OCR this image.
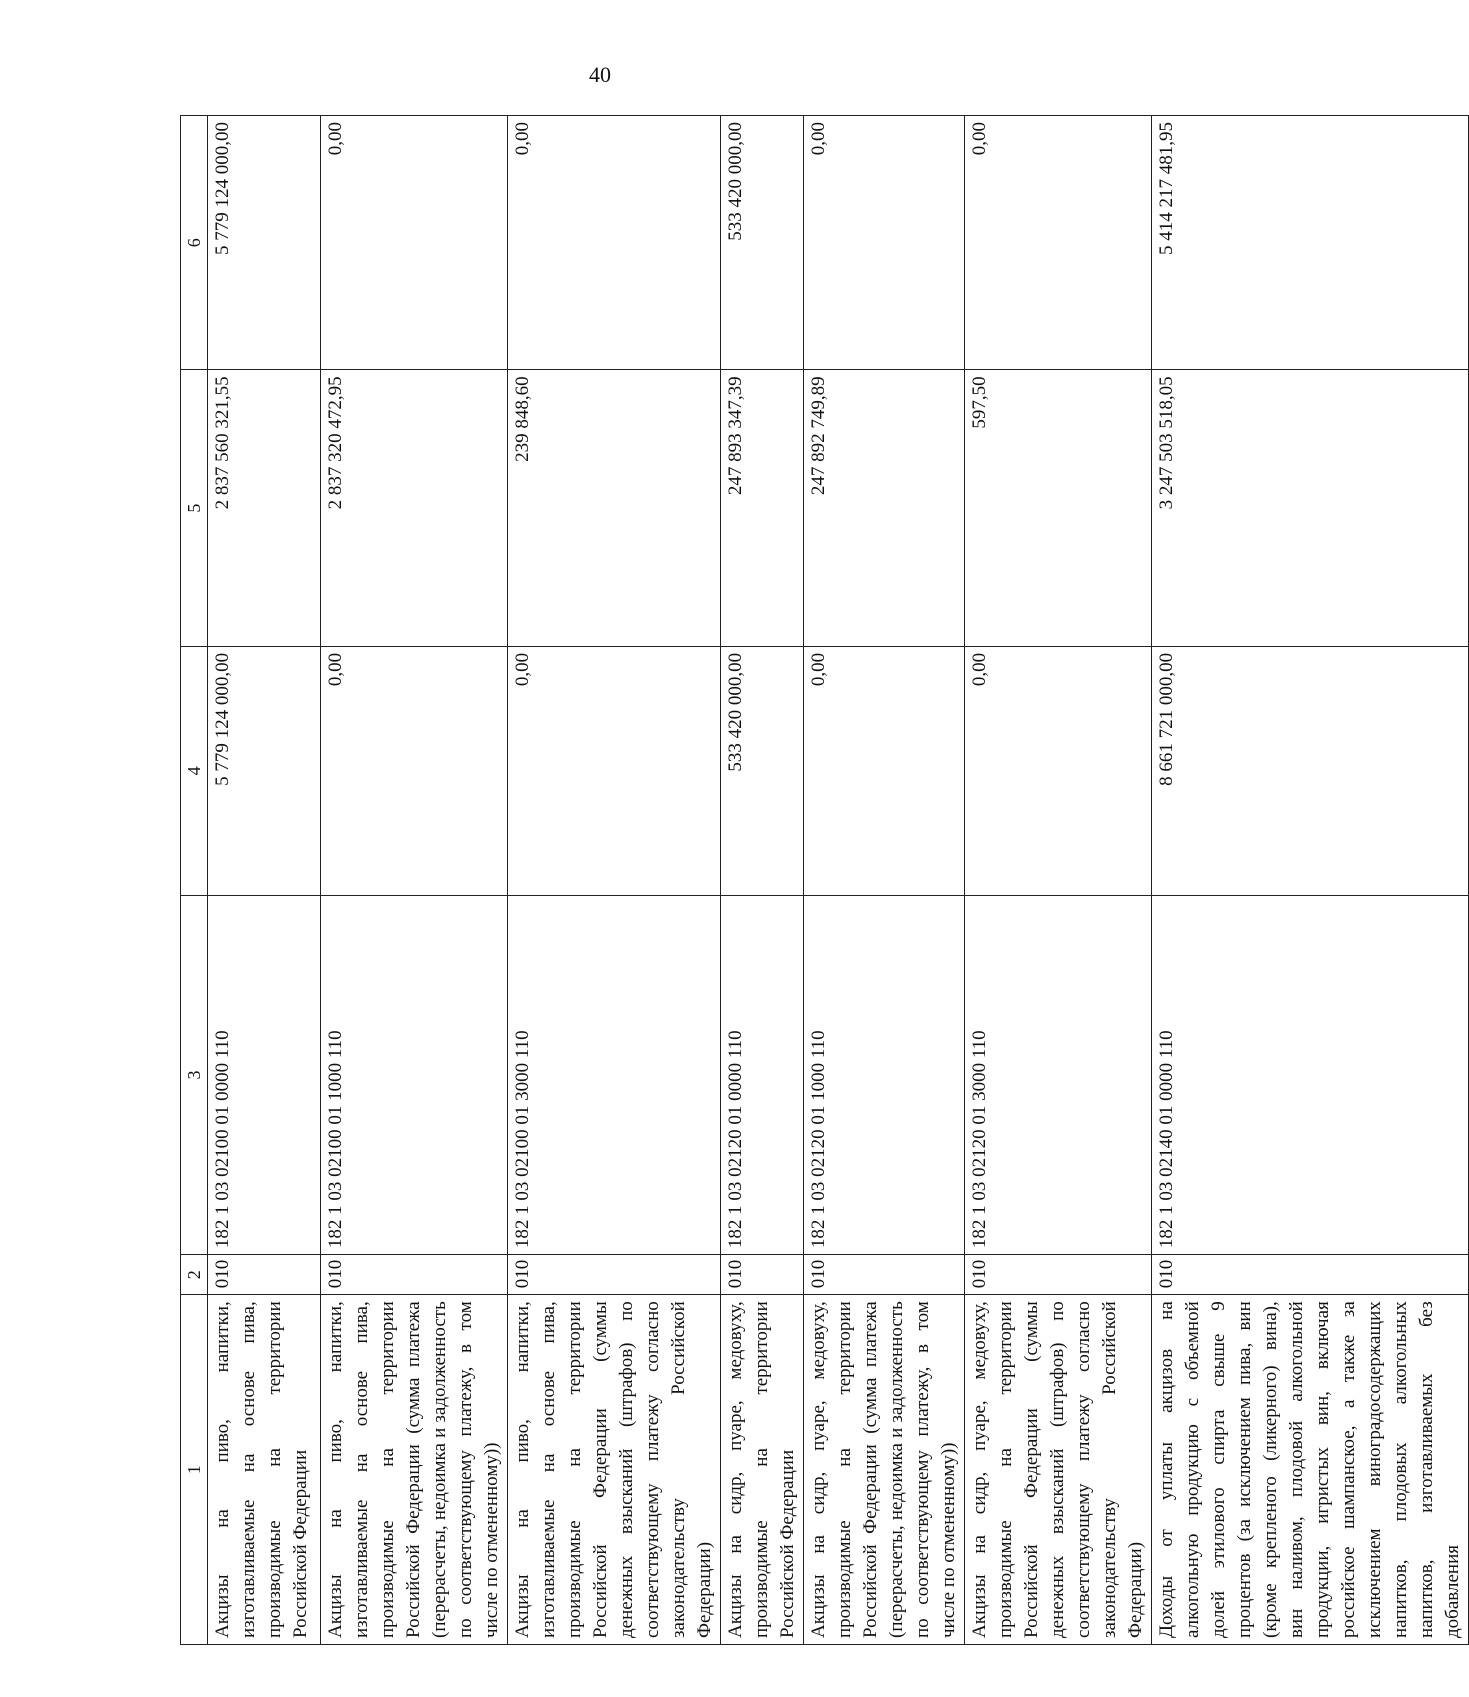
40
1	2	3	4	5	6
Акцизы на пиво, напитки, изготавливаемые на основе пива, производимые на территории Российской Федерации	010	182 1 03 02100 01 0000 110	5 779 124 000,00	2 837 560 321,55	5 779 124 000,00
Акцизы на пиво, напитки, изготавливаемые на основе пива, производимые на территории Российской Федерации (сумма платежа (перерасчеты, недоимка и задолженность по соответствующему платежу, в том числе по отмененному))	010	182 1 03 02100 01 1000 110	0,00	2 837 320 472,95	0,00
Акцизы на пиво, напитки, изготавливаемые на основе пива, производимые на территории Российской Федерации (суммы денежных взысканий (штрафов) по соответствующему платежу согласно законодательству Российской Федерации)	010	182 1 03 02100 01 3000 110	0,00	239 848,60	0,00
Акцизы на сидр, пуаре, медовуху, производимые на территории Российской Федерации	010	182 1 03 02120 01 0000 110	533 420 000,00	247 893 347,39	533 420 000,00
Акцизы на сидр, пуаре, медовуху, производимые на территории Российской Федерации (сумма платежа (перерасчеты, недоимка и задолженность по соответствующему платежу, в том числе по отмененному))	010	182 1 03 02120 01 1000 110	0,00	247 892 749,89	0,00
Акцизы на сидр, пуаре, медовуху, производимые на территории Российской Федерации (суммы денежных взысканий (штрафов) по соответствующему платежу согласно законодательству Российской Федерации)	010	182 1 03 02120 01 3000 110	0,00	597,50	0,00
Доходы от уплаты акцизов на алкогольную продукцию с объемной долей этилового спирта свыше 9 процентов (за исключением пива, вин (кроме крепленого (ликерного) вина), вин наливом, плодовой алкогольной продукции, игристых вин, включая российское шампанское, а также за исключением виноградосодержащих напитков, плодовых алкогольных напитков, изготавливаемых без добавления	010	182 1 03 02140 01 0000 110	8 661 721 000,00	3 247 503 518,05	5 414 217 481,95
